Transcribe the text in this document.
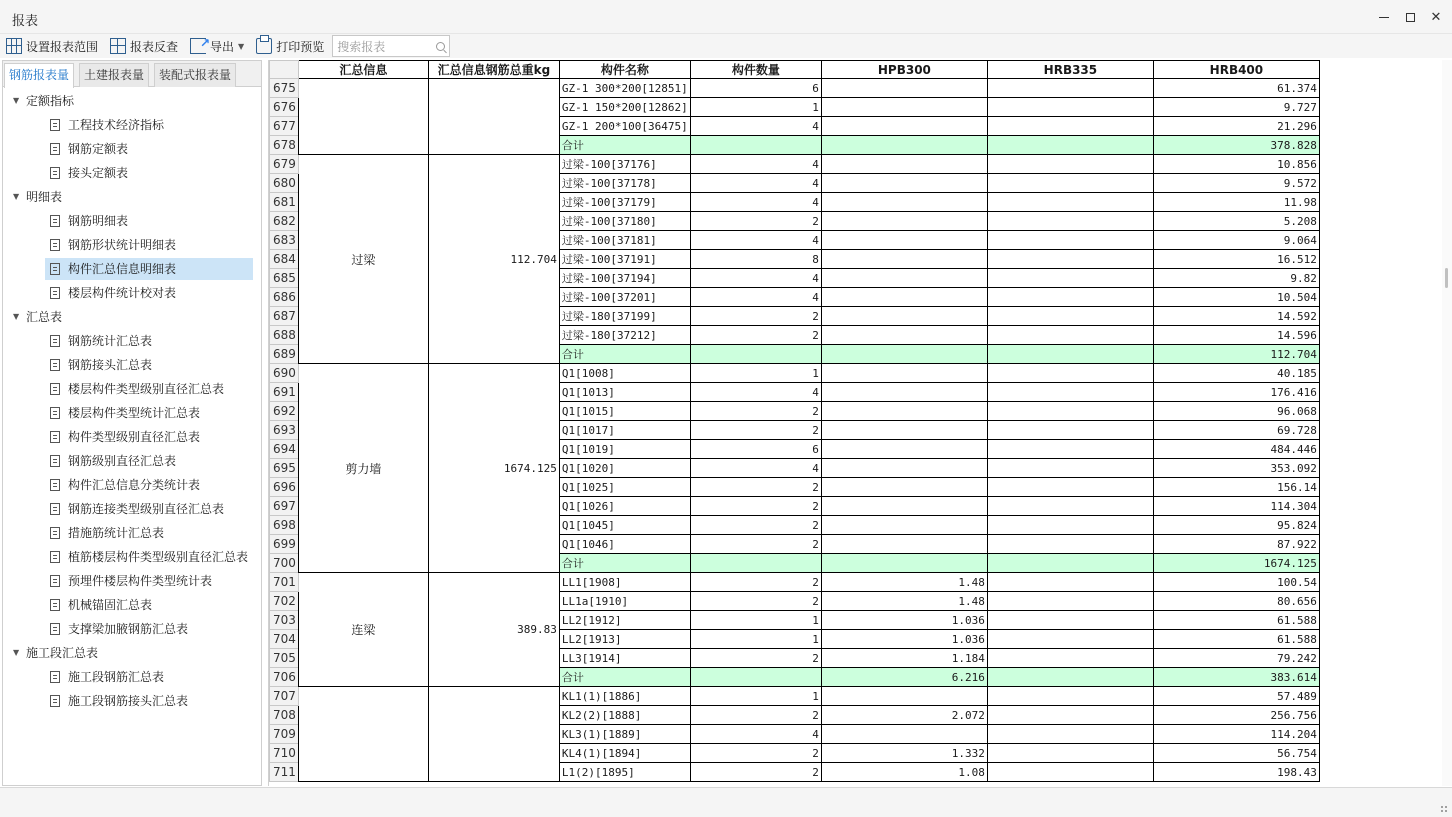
报表	✕
设置报表范围	报表反查 ↗	导出 ▼	打印预览 搜索报表
钢筋报表量	土建报表量	装配式报表量
▼ 定额指标
工程技术经济指标
钢筋定额表
接头定额表
▼ 明细表
钢筋明细表
钢筋形状统计明细表
构件汇总信息明细表
楼层构件统计校对表
▼ 汇总表
钢筋统计汇总表
钢筋接头汇总表
楼层构件类型级别直径汇总表
楼层构件类型统计汇总表
构件类型级别直径汇总表
钢筋级别直径汇总表
构件汇总信息分类统计表
钢筋连接类型级别直径汇总表
措施筋统计汇总表
植筋楼层构件类型级别直径汇总表
预埋件楼层构件类型统计表
机械锚固汇总表
支撑梁加腋钢筋汇总表
▼ 施工段汇总表
施工段钢筋汇总表
施工段钢筋接头汇总表
	汇总信息	汇总信息钢筋总重kg	构件名称	构件数量	HPB300	HRB335	HRB400
675			GZ-1 300*200[12851]	6			61.374
676			GZ-1 150*200[12862]	1			9.727
677			GZ-1 200*100[36475]	4			21.296
678			合计				378.828
679	过梁	112.704	过梁-100[37176]	4			10.856
680			过梁-100[37178]	4			9.572
681			过梁-100[37179]	4			11.98
682			过梁-100[37180]	2			5.208
683			过梁-100[37181]	4			9.064
684			过梁-100[37191]	8			16.512
685			过梁-100[37194]	4			9.82
686			过梁-100[37201]	4			10.504
687			过梁-180[37199]	2			14.592
688			过梁-180[37212]	2			14.596
689			合计				112.704
690	剪力墙	1674.125	Q1[1008]	1			40.185
691			Q1[1013]	4			176.416
692			Q1[1015]	2			96.068
693			Q1[1017]	2			69.728
694			Q1[1019]	6			484.446
695			Q1[1020]	4			353.092
696			Q1[1025]	2			156.14
697			Q1[1026]	2			114.304
698			Q1[1045]	2			95.824
699			Q1[1046]	2			87.922
700			合计				1674.125
701	连梁	389.83	LL1[1908]	2	1.48		100.54
702			LL1a[1910]	2	1.48		80.656
703			LL2[1912]	1	1.036		61.588
704			LL2[1913]	1	1.036		61.588
705			LL3[1914]	2	1.184		79.242
706			合计		6.216		383.614
707			KL1(1)[1886]	1			57.489
708			KL2(2)[1888]	2	2.072		256.756
709			KL3(1)[1889]	4			114.204
710			KL4(1)[1894]	2	1.332		56.754
711			L1(2)[1895]	2	1.08		198.43
